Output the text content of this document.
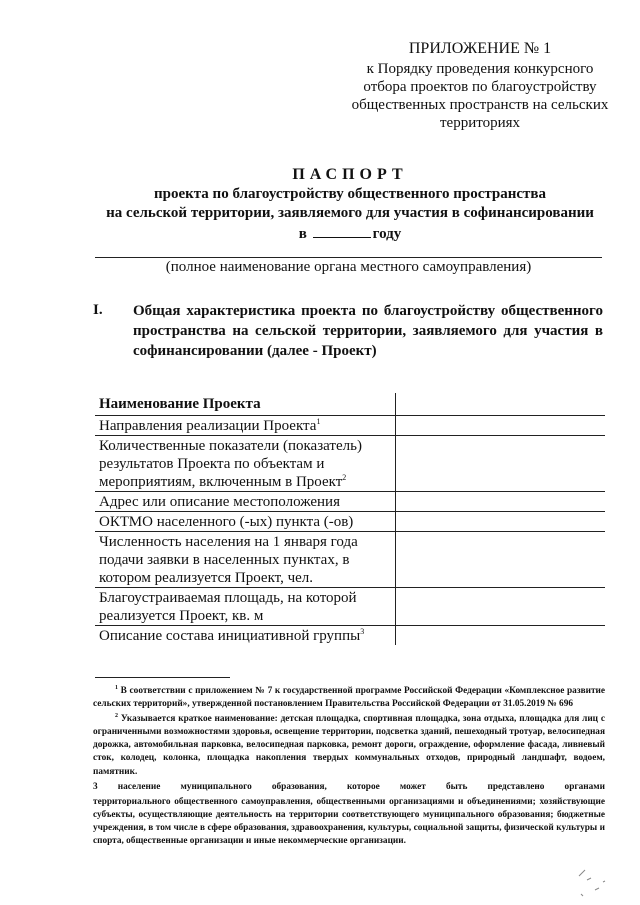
ПРИЛОЖЕНИЕ № 1
к Порядку проведения конкурсного
отбора проектов по благоустройству
общественных пространств на сельских
территориях
ПАСПОРТ
проекта по благоустройству общественного пространства
на сельской территории, заявляемого для участия в софинансировании
в	году
(полное наименование органа местного самоуправления)
I. Общая характеристика проекта по благоустройству общественного пространства на сельской территории, заявляемого для участия в софинансировании (далее - Проект)
Наименование Проекта	
Направления реализации Проекта$^1$	
Количественные показатели (показатель) результатов Проекта по объектам и мероприятиям, включенным в Проект$^2$	
Адрес или описание местоположения	
ОКТМО населенного (-ых) пункта (-ов)	
Численность населения на 1 января года подачи заявки в населенных пунктах, в котором реализуется Проект, чел.	
Благоустраиваемая площадь, на которой реализуется Проект, кв. м	
Описание состава инициативной группы$^3$	

$^1$ В соответствии с приложением № 7 к государственной программе Российской Федерации «Комплексное развитие сельских территорий», утвержденной постановлением Правительства Российской Федерации от 31.05.2019 № 696

$^2$ Указывается краткое наименование: детская площадка, спортивная площадка, зона отдыха, площадка для лиц с ограниченными возможностями здоровья, освещение территории, подсветка зданий, пешеходный тротуар, велосипедная дорожка, автомобильная парковка, велосипедная парковка, ремонт дороги, ограждение, оформление фасада, ливневый сток, колодец, колонка, площадка накопления твердых коммунальных отходов, природный ландшафт, водоем, памятник.

3 население муниципального образования, которое может быть представлено органами

территориального общественного самоуправления, общественными организациями и объединениями; хозяйствующие субъекты, осуществляющие деятельность на территории соответствующего муниципального образования; бюджетные учреждения, в том числе в сфере образования, здравоохранения, культуры, социальной защиты, физической культуры и спорта, общественные организации и иные некоммерческие организации.
